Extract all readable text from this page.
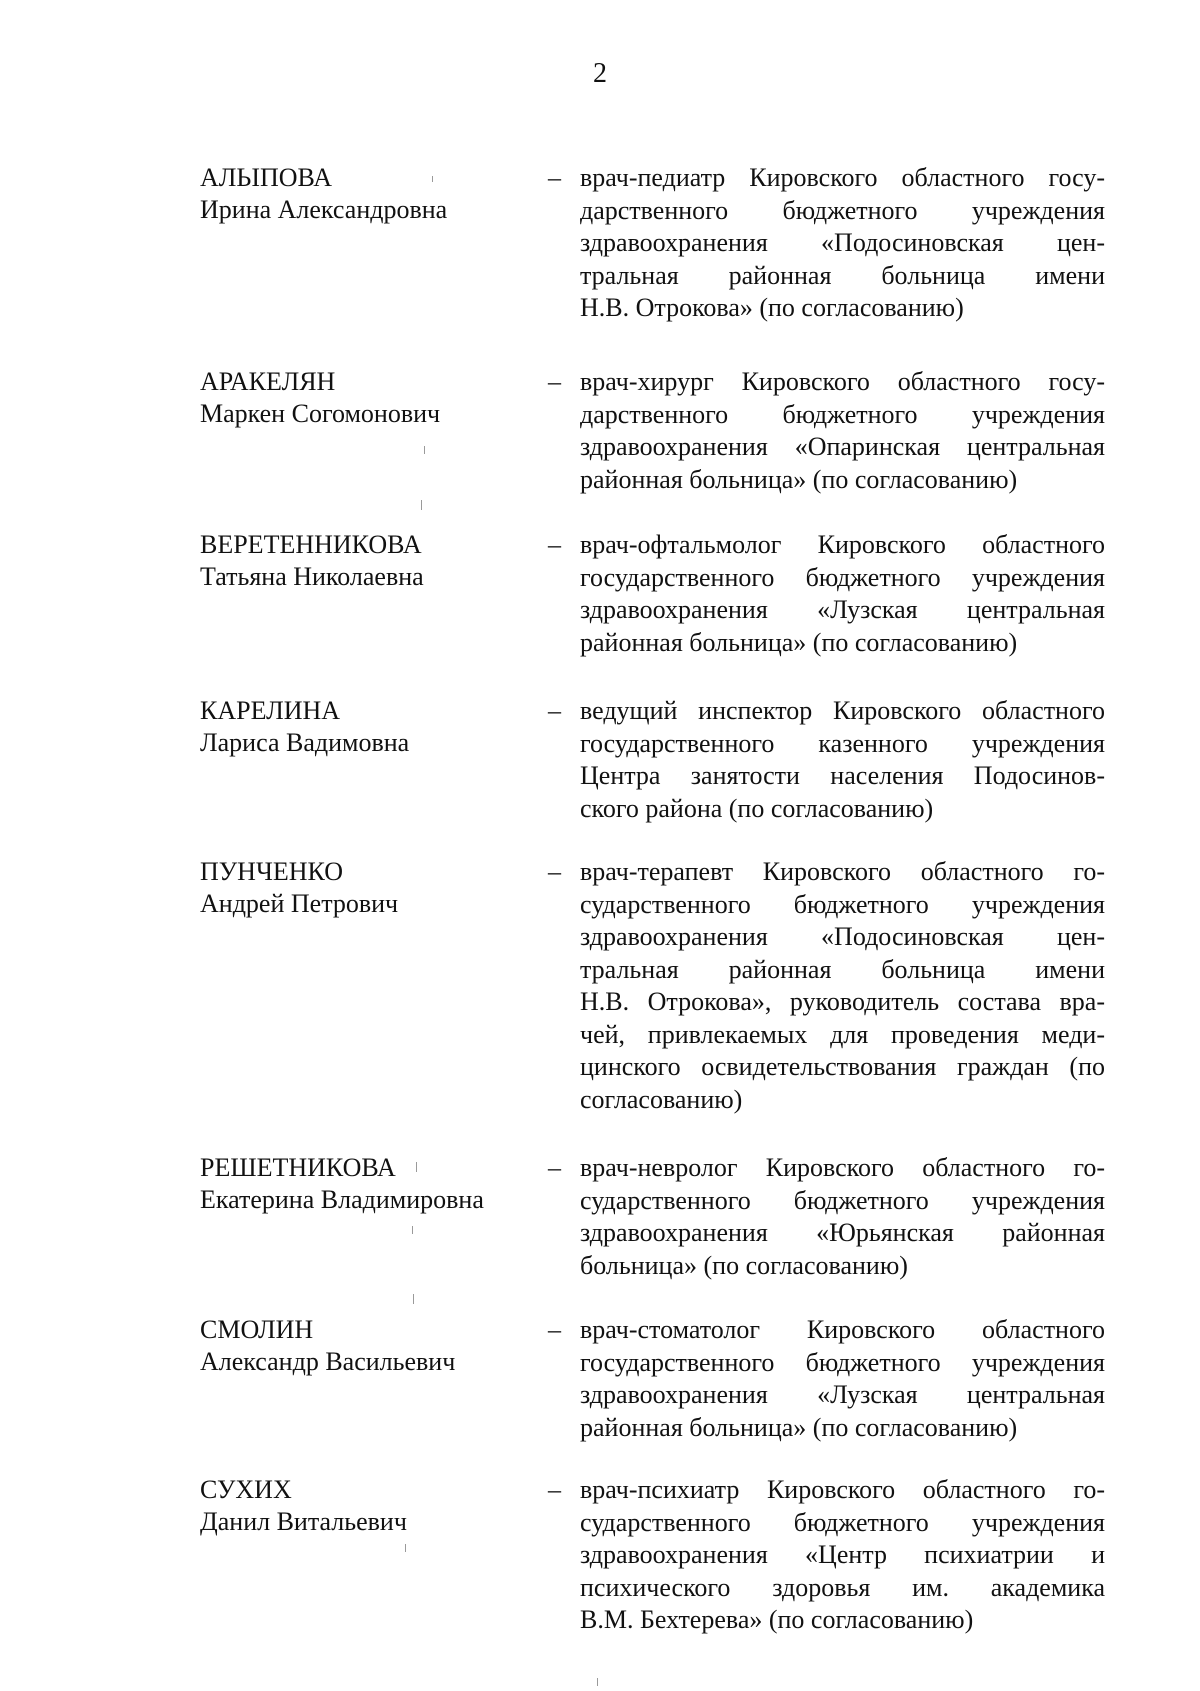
2
АЛЬІПОВА
Ирина Александровна
– врач-педиатр Кировского областного госу-
дарственного бюджетного учреждения
здравоохранения «Подосиновская цен-
тральная районная больница имени
Н.В. Отрокова» (по согласованию)
АРАКЕЛЯН
Маркен Согомонович
– врач-хирург Кировского областного госу-
дарственного бюджетного учреждения
здравоохранения «Опаринская центральная
районная больница» (по согласованию)
ВЕРЕТЕННИКОВА
Татьяна Николаевна
– врач-офтальмолог Кировского областного
государственного бюджетного учреждения
здравоохранения «Лузская центральная
районная больница» (по согласованию)
КАРЕЛИНА
Лариса Вадимовна
– ведущий инспектор Кировского областного
государственного казенного учреждения
Центра занятости населения Подосинов-
ского района (по согласованию)
ПУНЧЕНКО
Андрей Петрович
– врач-терапевт Кировского областного го-
сударственного бюджетного учреждения
здравоохранения «Подосиновская цен-
тральная районная больница имени
Н.В. Отрокова», руководитель состава вра-
чей, привлекаемых для проведения меди-
цинского освидетельствования граждан (по
согласованию)
РЕШЕТНИКОВА
Екатерина Владимировна
– врач-невролог Кировского областного го-
сударственного бюджетного учреждения
здравоохранения «Юрьянская районная
больница» (по согласованию)
СМОЛИН
Александр Васильевич
– врач-стоматолог Кировского областного
государственного бюджетного учреждения
здравоохранения «Лузская центральная
районная больница» (по согласованию)
СУХИХ
Данил Витальевич
– врач-психиатр Кировского областного го-
сударственного бюджетного учреждения
здравоохранения «Центр психиатрии и
психического здоровья им. академика
В.М. Бехтерева» (по согласованию)
